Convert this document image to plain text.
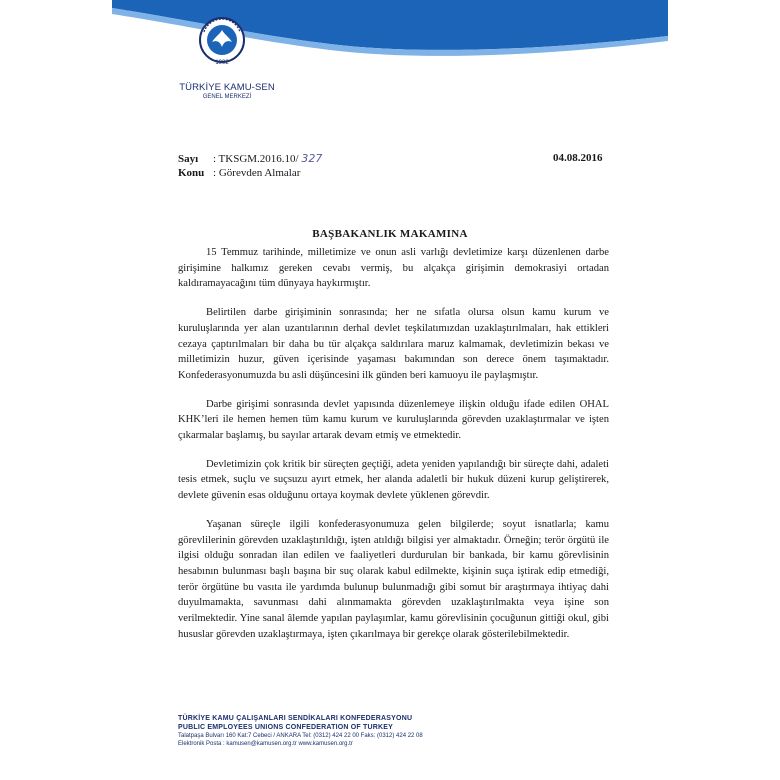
1992
TÜRKİYE KAMU-SEN
GENEL MERKEZİ
Sayı : TKSGM.2016.10/ 327
Konu : Görevden Almalar
04.08.2016
BAŞBAKANLIK MAKAMINA

15 Temmuz tarihinde, milletimize ve onun asli varlığı devletimize karşı düzenlenen darbe girişimine halkımız gereken cevabı vermiş, bu alçakça girişimin demokrasiyi ortadan kaldıramayacağını tüm dünyaya haykırmıştır.

Belirtilen darbe girişiminin sonrasında; her ne sıfatla olursa olsun kamu kurum ve kuruluşlarında yer alan uzantılarının derhal devlet teşkilatımızdan uzaklaştırılmaları, hak ettikleri cezaya çaptırılmaları bir daha bu tür alçakça saldırılara maruz kalmamak, devletimizin bekası ve milletimizin huzur, güven içerisinde yaşaması bakımından son derece önem taşımaktadır. Konfederasyonumuzda bu asli düşüncesini ilk günden beri kamuoyu ile paylaşmıştır.

Darbe girişimi sonrasında devlet yapısında düzenlemeye ilişkin olduğu ifade edilen OHAL KHK’leri ile hemen hemen tüm kamu kurum ve kuruluşlarında görevden uzaklaştırmalar ve işten çıkarmalar başlamış, bu sayılar artarak devam etmiş ve etmektedir.

Devletimizin çok kritik bir süreçten geçtiği, adeta yeniden yapılandığı bir süreçte dahi, adaleti tesis etmek, suçlu ve suçsuzu ayırt etmek, her alanda adaletli bir hukuk düzeni kurup geliştirerek, devlete güvenin esas olduğunu ortaya koymak devlete yüklenen görevdir.

Yaşanan süreçle ilgili konfederasyonumuza gelen bilgilerde; soyut isnatlarla; kamu görevlilerinin görevden uzaklaştırıldığı, işten atıldığı bilgisi yer almaktadır. Örneğin; terör örgütü ile ilgisi olduğu sonradan ilan edilen ve faaliyetleri durdurulan bir bankada, bir kamu görevlisinin hesabının bulunması başlı başına bir suç olarak kabul edilmekte, kişinin suça iştirak edip etmediği, terör örgütüne bu vasıta ile yardımda bulunup bulunmadığı gibi somut bir araştırmaya ihtiyaç dahi duyulmamakta, savunması dahi alınmamakta görevden uzaklaştırılmakta veya işine son verilmektedir. Yine sanal âlemde yapılan paylaşımlar, kamu görevlisinin çocuğunun gittiği okul, gibi hususlar görevden uzaklaştırmaya, işten çıkarılmaya bir gerekçe olarak gösterilebilmektedir.

TÜRKİYE KAMU ÇALIŞANLARI SENDİKALARI KONFEDERASYONU
PUBLIC EMPLOYEES UNIONS CONFEDERATION OF TURKEY
Talatpaşa Bulvarı 160 Kat:7 Cebeci / ANKARA Tel: (0312) 424 22 00 Faks: (0312) 424 22 08
Elektronik Posta : kamusen@kamusen.org.tr www.kamusen.org.tr
